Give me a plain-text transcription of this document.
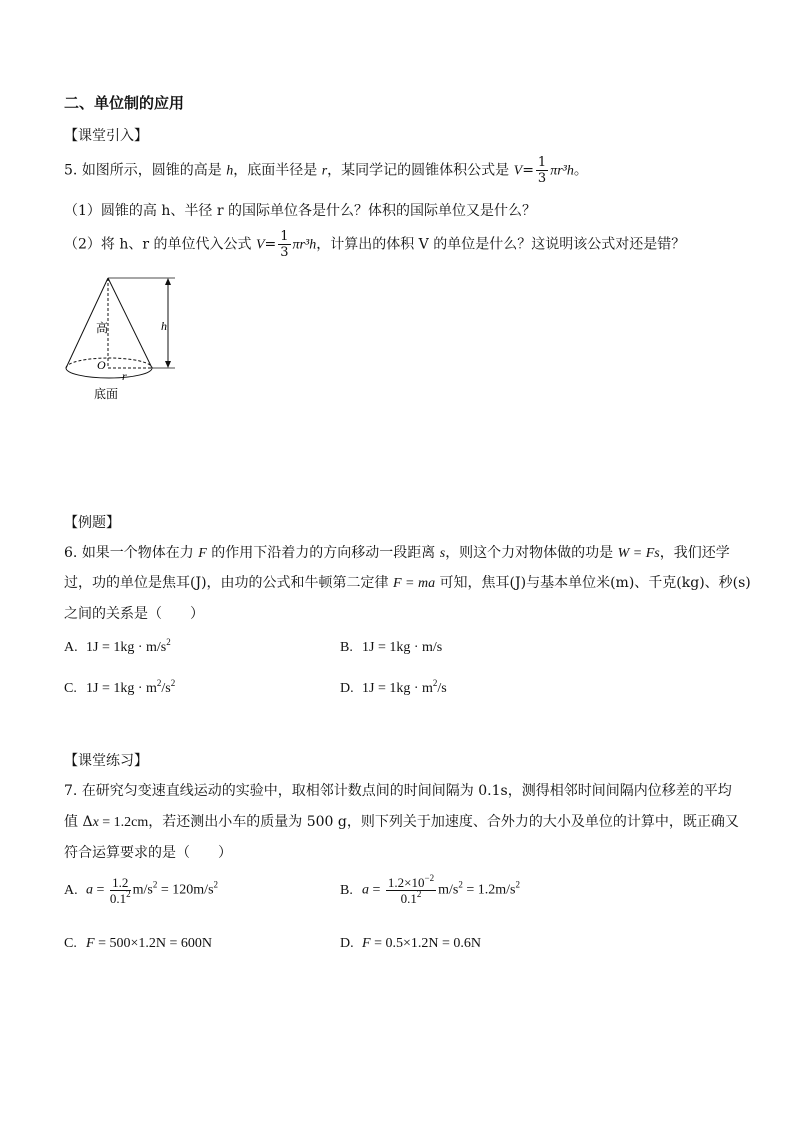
二、单位制的应用
【课堂引入】
5. 如图所示，圆锥的高是 h，底面半径是 r，某同学记的圆锥体积公式是 $V= \frac{1}{3} \pi r^3h$。
（1）圆锥的高 h、半径 r 的国际单位各是什么？体积的国际单位又是什么？
（2）将 h、r 的单位代入公式 $V= \frac{1}{3} \pi r^3h$，计算出的体积 V 的单位是什么？这说明该公式对还是错？
高	h
O
r
底面
【例题】
6. 如果一个物体在力 F 的作用下沿着力的方向移动一段距离 s，则这个力对物体做的功是 W = Fs，我们还学
过，功的单位是焦耳(J)，由功的公式和牛顿第二定律 F = ma 可知，焦耳(J)与基本单位米(m)、千克(kg)、秒(s)
之间的关系是（　　）
A. $1J = 1kg \cdot m/s^2$	B. 1J = 1kg · m/s
C. $1J = 1kg \cdot m^2/s^2$	D. $1J = 1kg \cdot m^2/s$
【课堂练习】
7. 在研究匀变速直线运动的实验中，取相邻计数点间的时间间隔为 0.1s，测得相邻时间间隔内位移差的平均
值 Δx = 1.2cm，若还测出小车的质量为 500 g，则下列关于加速度、合外力的大小及单位的计算中，既正确又
符合运算要求的是（　　）
A. $a = \frac{1.2}{0.1^2} m/s^2 = 120m/s^2$	B. $a = \frac{1.2\times 10^{-2}}{0.1^2} m/s^2 = 1.2m/s^2$
C. F = 500×1.2N = 600N	D. F = 0.5×1.2N = 0.6N
